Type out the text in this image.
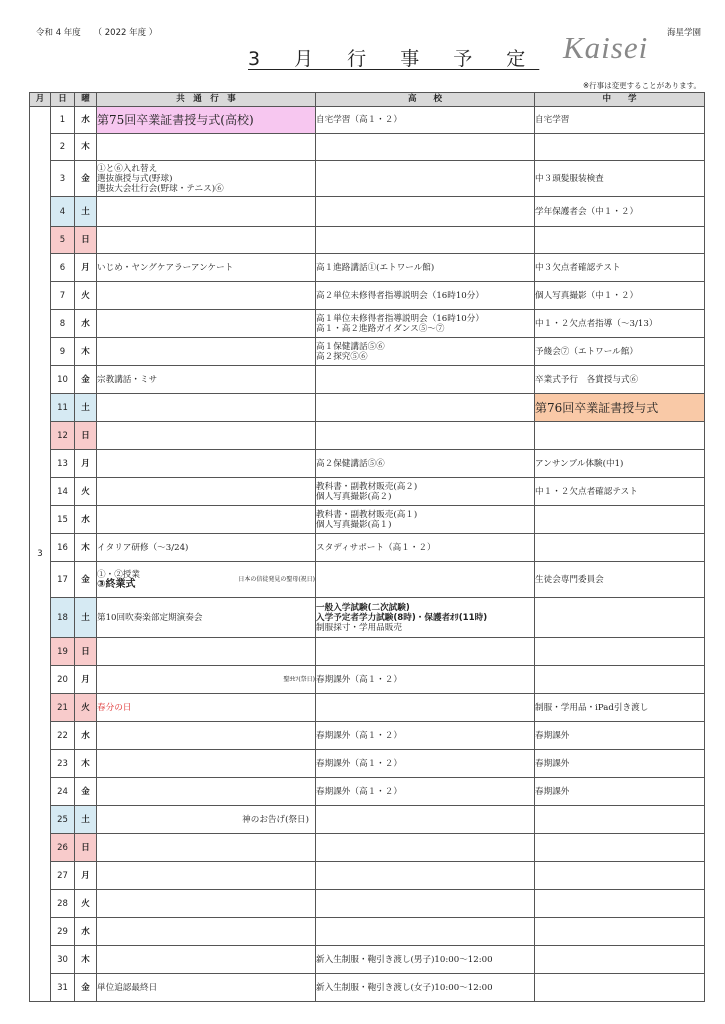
令和 4 年度　　（ 2022 年度 ）	海星学園
3 月 行 事 予 定 Kaisei
※行事は変更することがあります。
月	日	曜	共　通　行　事	高　　校	中　　学
3	1	水	第75回卒業証書授与式(高校)	自宅学習（高１・２）	自宅学習
	2	木			
	3	金	①と⑥入れ替え
選抜旗授与式(野球)
選抜大会壮行会(野球・テニス)⑥		中３頭髪服装検査
	4	土			学年保護者会（中１・２）
	5	日			
	6	月	いじめ・ヤングケアラーアンケート	高１進路講話①(エトワール館)	中３欠点者確認テスト
	7	火		高２単位未修得者指導説明会（16時10分）	個人写真撮影（中１・２）
	8	水		高１単位未修得者指導説明会（16時10分）
高１・高２進路ガイダンス⑤～⑦	中１・２欠点者指導（～3/13）
	9	木		高１保健講話⑤⑥
高２探究⑤⑥	予餞会⑦（エトワール館）
	10	金	宗教講話・ミサ		卒業式予行　各賞授与式⑥
	11	土			第76回卒業証書授与式
	12	日			
	13	月		高２保健講話⑤⑥	アンサンブル体験(中1)
	14	火		教科書・副教材販売(高２)
個人写真撮影(高２)	中１・２欠点者確認テスト
	15	水		教科書・副教材販売(高１)
個人写真撮影(高１)	

	16	木	イタリア研修（～3/24)	スタディサポート（高１・２）	
	17	金	①・②授業
③終業式 日本の信徒発見の聖母(祝日)		生徒会専門委員会
	18	土	第10回吹奏楽部定期演奏会	一般入学試験(二次試験)
入学予定者学力試験(8時)・保護者ｵﾘ(11時)
制服採寸・学用品販売	

	19	日			
	20	月	聖ﾖｾﾌ(祭日)	春期課外（高１・２）	
	21	火	春分の日		制服・学用品・iPad引き渡し
	22	水		春期課外（高１・２）	春期課外
	23	木		春期課外（高１・２）	春期課外
	24	金		春期課外（高１・２）	春期課外
	25	土	神のお告げ(祭日)		

	26	日			
	27	月			
	28	火			
	29	水			
	30	木		新入生制服・鞄引き渡し(男子)10:00～12:00	
	31	金	単位追認最終日	新入生制服・鞄引き渡し(女子)10:00～12:00	
